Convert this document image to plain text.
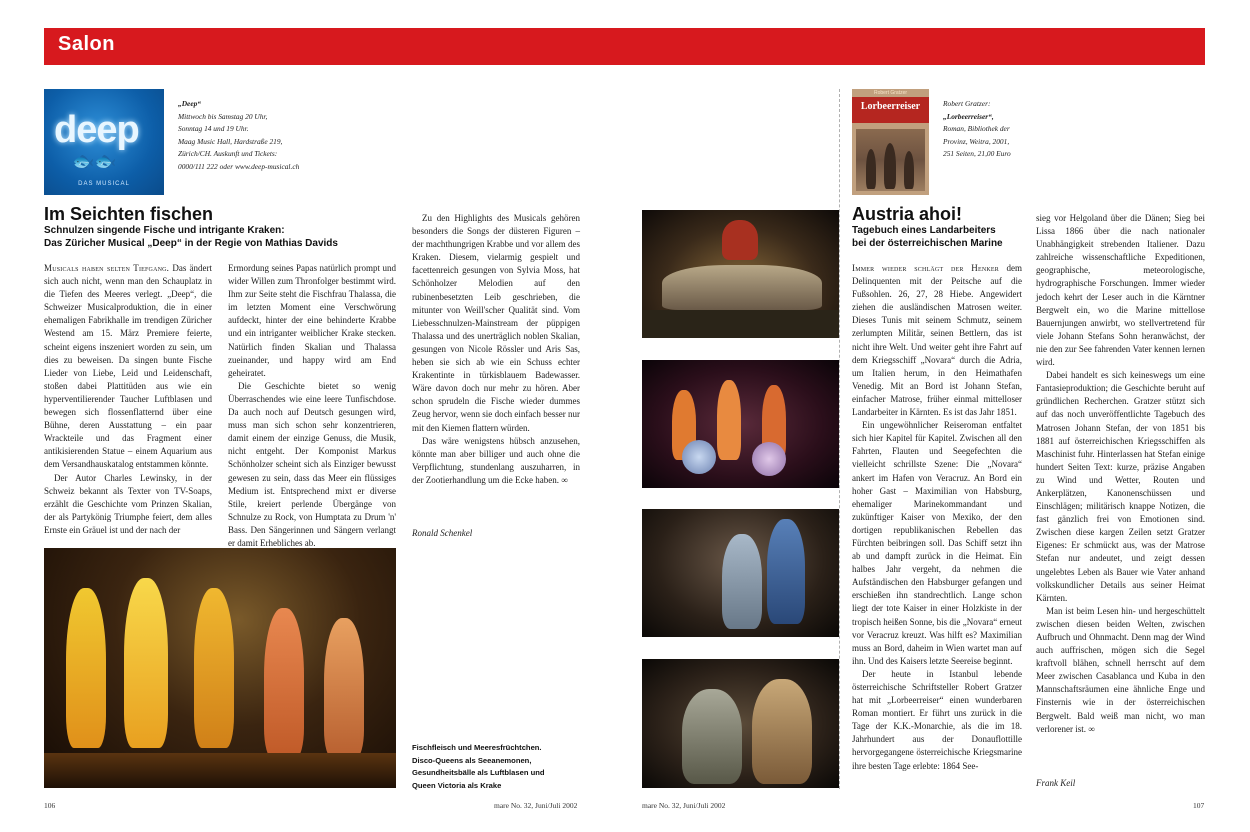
Salon
deep
🐟🐟
DAS MUSICAL
„Deep“
Mittwoch bis Samstag 20 Uhr,
Sonntag 14 und 19 Uhr.
Maag Music Hall, Hardstraße 219,
Zürich/CH. Auskunft und Tickets:
0000/111 222 oder www.deep-musical.ch
Im Seichten fischen
Schnulzen singende Fische und intrigante Kraken:
Das Züricher Musical „Deep“ in der Regie von Mathias Davids

Musicals haben selten Tiefgang. Das ändert sich auch nicht, wenn man den Schauplatz in die Tiefen des Meeres verlegt. „Deep“, die Schweizer Musicalproduktion, die in einer ehemaligen Fabrikhalle im trendigen Züricher Westend am 15. März Premiere feierte, scheint eigens inszeniert worden zu sein, um dies zu beweisen. Da singen bunte Fische Lieder von Liebe, Leid und Leidenschaft, stoßen dabei Plattitüden aus wie ein hyperventilierender Taucher Luftblasen und bewegen sich flossenflatternd über eine Bühne, deren Ausstattung – ein paar Wrackteile und das Fragment einer antikisierenden Statue – einem Aquarium aus dem Versandhauskatalog entstammen könnte.

Der Autor Charles Lewinsky, in der Schweiz bekannt als Texter von TV-Soaps, erzählt die Geschichte vom Prinzen Skalian, der als Partykönig Triumphe feiert, dem alles Ernste ein Gräuel ist und der nach der

Ermordung seines Papas natürlich prompt und wider Willen zum Thronfolger bestimmt wird. Ihm zur Seite steht die Fischfrau Thalassa, die im letzten Moment eine Verschwörung aufdeckt, hinter der eine behinderte Krabbe und ein intriganter weiblicher Krake stecken. Natürlich finden Skalian und Thalassa zueinander, und happy wird am End geheiratet.

Die Geschichte bietet so wenig Überraschendes wie eine leere Tunfischdose. Da auch noch auf Deutsch gesungen wird, muss man sich schon sehr konzentrieren, damit einem der einzige Genuss, die Musik, nicht entgeht. Der Komponist Markus Schönholzer scheint sich als Einziger bewusst gewesen zu sein, dass das Meer ein flüssiges Medium ist. Entsprechend mixt er diverse Stile, kreiert perlende Übergänge von Schnulze zu Rock, von Humptata zu Drum 'n' Bass. Den Sängerinnen und Sängern verlangt er damit Erhebliches ab.

Zu den Highlights des Musicals gehören besonders die Songs der düsteren Figuren – der machthungrigen Krabbe und vor allem des Kraken. Diesem, vielarmig gespielt und facettenreich gesungen von Sylvia Moss, hat Schönholzer Melodien auf den rubinenbesetzten Leib geschrieben, die mitunter von Weill'scher Qualität sind. Vom Liebesschnulzen-Mainstream der püppigen Thalassa und des unerträglich noblen Skalian, gesungen von Nicole Rössler und Aris Sas, heben sie sich ab wie ein Schuss echter Krakentinte in türkisblauem Badewasser. Wäre davon doch nur mehr zu hören. Aber schon sprudeln die Fische wieder dummes Zeug hervor, wenn sie doch einfach besser nur mit den Kiemen flattern würden.

Das wäre wenigstens hübsch anzusehen, könnte man aber billiger und auch ohne die Verpflichtung, stundenlang auszuharren, in der Zootierhandlung um die Ecke haben. ∞

Ronald Schenkel
Fischfleisch und Meeresfrüchtchen.
Disco-Queens als Seeanemonen,
Gesundheitsbälle als Luftblasen und
Queen Victoria als Krake
106	mare No. 32, Juni/Juli 2002
Robert Gratzer
Lorbeerreiser	Robert Gratzer:
„Lorbeerreiser“,
Roman, Bibliothek der
Provinz, Weitra, 2001,
251 Seiten, 21,00 Euro
Austria ahoi!
Tagebuch eines Landarbeiters
bei der österreichischen Marine

Immer wieder schlägt der Henker dem Delinquenten mit der Peitsche auf die Fußsohlen. 26, 27, 28 Hiebe. Angewidert ziehen die ausländischen Matrosen weiter. Dieses Tunis mit seinem Schmutz, seinem zerlumpten Militär, seinen Bettlern, das ist nicht ihre Welt. Und weiter geht ihre Fahrt auf dem Kriegsschiff „Novara“ durch die Adria, um Italien herum, in den Heimathafen Venedig. Mit an Bord ist Johann Stefan, einfacher Matrose, früher einmal mittelloser Landarbeiter in Kärnten. Es ist das Jahr 1851.

Ein ungewöhnlicher Reiseroman entfaltet sich hier Kapitel für Kapitel. Zwischen all den Fahrten, Flauten und Seegefechten die vielleicht schrillste Szene: Die „Novara“ ankert im Hafen von Veracruz. An Bord ein hoher Gast – Maximilian von Habsburg, ehemaliger Marinekommandant und zukünftiger Kaiser von Mexiko, der den dortigen republikanischen Rebellen das Fürchten beibringen soll. Das Schiff setzt ihn ab und dampft zurück in die Heimat. Ein halbes Jahr vergeht, da nehmen die Aufständischen den Habsburger gefangen und erschießen ihn standrechtlich. Lange schon liegt der tote Kaiser in einer Holzkiste in der tropisch heißen Sonne, bis die „Novara“ erneut vor Veracruz kreuzt. Was hilft es? Maximilian muss an Bord, daheim in Wien wartet man auf ihn. Und des Kaisers letzte Seereise beginnt.

Der heute in Istanbul lebende österreichische Schriftsteller Robert Gratzer hat mit „Lorbeerreiser“ einen wunderbaren Roman montiert. Er führt uns zurück in die Tage der K.K.-Monarchie, als die im 18. Jahrhundert aus der Donauflottille hervorgegangene österreichische Kriegsmarine ihre besten Tage erlebte: 1864 See-

sieg vor Helgoland über die Dänen; Sieg bei Lissa 1866 über die nach nationaler Unabhängigkeit strebenden Italiener. Dazu zahlreiche wissenschaftliche Expeditionen, geographische, meteorologische, hydrographische Forschungen. Immer wieder jedoch kehrt der Leser auch in die Kärntner Bergwelt ein, wo die Marine mittellose Bauernjungen anwirbt, wo stellvertretend für viele Johann Stefans Sohn heranwächst, der nie den zur See fahrenden Vater kennen lernen wird.

Dabei handelt es sich keineswegs um eine Fantasieproduktion; die Geschichte beruht auf gründlichen Recherchen. Gratzer stützt sich auf das noch unveröffentlichte Tagebuch des Matrosen Johann Stefan, der von 1851 bis 1881 auf österreichischen Kriegsschiffen als Maschinist fuhr. Hinterlassen hat Stefan einige hundert Seiten Text: kurze, präzise Angaben zu Wind und Wetter, Routen und Ankerplätzen, Kanonenschüssen und Einschlägen; militärisch knappe Notizen, die fast gänzlich frei von Emotionen sind. Zwischen diese kargen Zeilen setzt Gratzer Eigenes: Er schmückt aus, was der Matrose Stefan nur andeutet, und zeigt dessen ungelebtes Leben als Bauer wie Vater anhand volkskundlicher Details aus seiner Heimat Kärnten.

Man ist beim Lesen hin- und hergeschüttelt zwischen diesen beiden Welten, zwischen Aufbruch und Ohnmacht. Denn mag der Wind auch auffrischen, mögen sich die Segel kraftvoll blähen, schnell herrscht auf dem Meer zwischen Casablanca und Kuba in den Mannschaftsräumen eine ähnliche Enge und Finsternis wie in der österreichischen Bergwelt. Bald weiß man nicht, wo man verlorener ist. ∞

Frank Keil
mare No. 32, Juni/Juli 2002	107
